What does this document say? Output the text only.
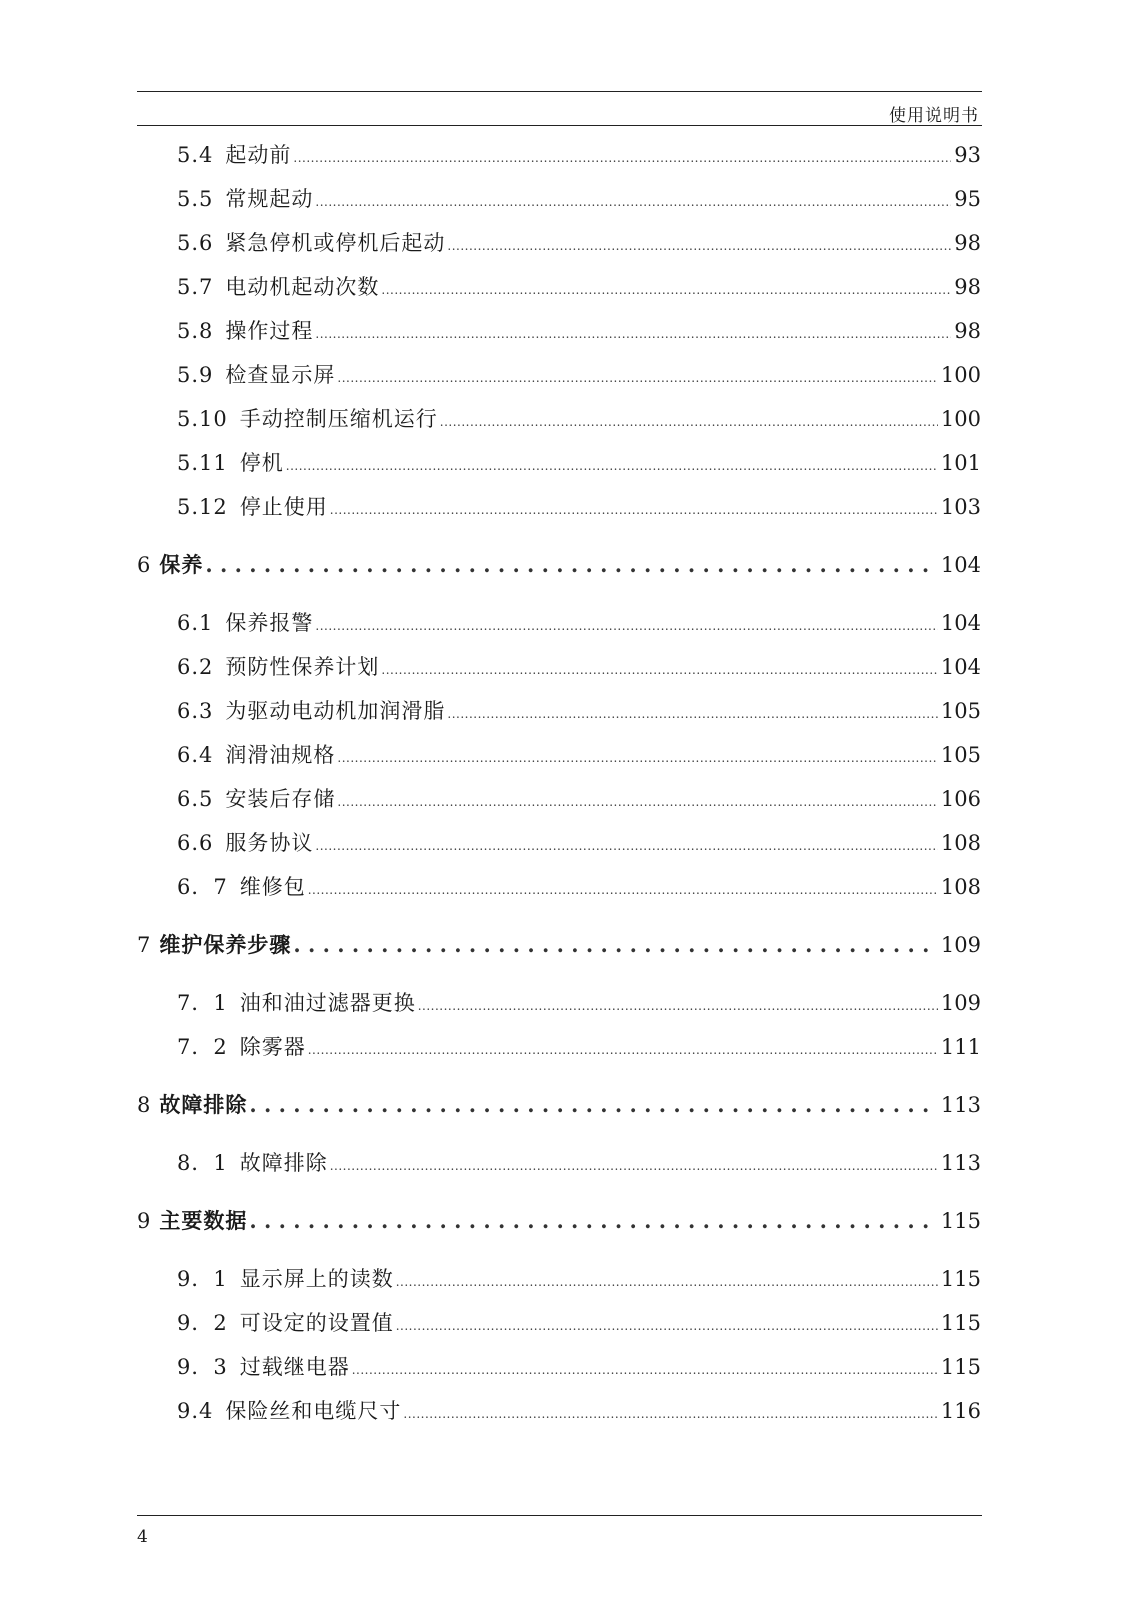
使用说明书
5.4 起动前 .....	93
5.5 常规起动 .....	95
5.6 紧急停机或停机后起动 .....	98
5.7 电动机起动次数 .....	98
5.8 操作过程 .....	98
5.9 检查显示屏 .....	100
5.10 手动控制压缩机运行 .....	100
5.11 停机 .....	101
5.12 停止使用 .....	103
6 保养 . . .	104
6.1 保养报警 .....	104
6.2 预防性保养计划 .....	104
6.3 为驱动电动机加润滑脂 .....	105
6.4 润滑油规格 .....	105
6.5 安装后存储 .....	106
6.6 服务协议 .....	108
6．7 维修包 .....	108
7 维护保养步骤 . . .	109
7．1 油和油过滤器更换 .....	109
7．2 除雾器 .....	111
8 故障排除 . . .	113
8．1 故障排除 .....	113
9 主要数据 . . .	115
9．1 显示屏上的读数 .....	115
9．2 可设定的设置值 .....	115
9．3 过载继电器 .....	115
9.4 保险丝和电缆尺寸 .....	116
4
